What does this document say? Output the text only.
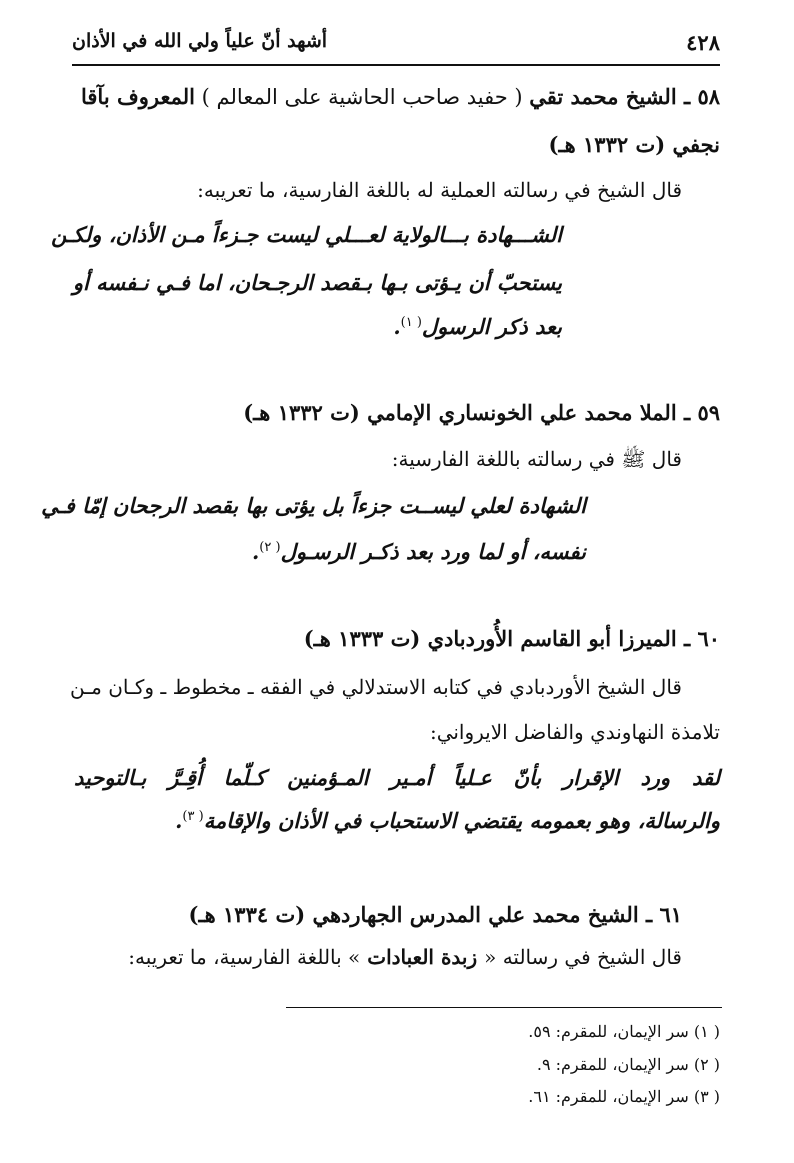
٤٢٨
أشهد أنّ علياً ولي الله في الأذان
٥٨ ـ الشيخ محمد تقي ( حفيد صاحب الحاشية على المعالم ) المعروف بآقا
نجفي (ت ١٣٣٢ هـ)
قال الشيخ في رسالته العملية له باللغة الفارسية، ما تعريبه:
الشـــهادة بـــالولاية لعـــلي ليست جـزءاً مـن الأذان، ولكـن
يستحبّ أن يـؤتى بـها بـقصد الرجـحان، اما فـي نـفسه أو
بعد ذكر الرسول$^{( ١)}$.
٥٩ ـ الملا محمد علي الخونساري الإمامي (ت ١٣٣٢ هـ)
قال ﷺ في رسالته باللغة الفارسية:
الشهادة لعلي ليســت جزءاً بل يؤتى بها بقصد الرجحان إمّا فـي
نفسه، أو لما ورد بعد ذكـر الرسـول$^{( ٢)}$.
٦٠ ـ الميرزا أبو القاسم الأُوردبادي (ت ١٣٣٣ هـ)
قال الشيخ الأوردبادي في كتابه الاستدلالي في الفقه ـ مخطوط ـ وكـان مـن
تلامذة النهاوندي والفاضل الايرواني:
لقد ورد الإقرار بأنّ عـلياً أمـير المـؤمنين كـلّما أُقِـرَّ بـالتوحيد
والرسالة، وهو بعمومه يقتضي الاستحباب في الأذان والإقامة$^{( ٣)}$.
٦١ ـ الشيخ محمد علي المدرس الجهاردهي (ت ١٣٣٤ هـ)
قال الشيخ في رسالته « زبدة العبادات » باللغة الفارسية، ما تعريبه:
( ١) سر الإيمان، للمقرم: ٥٩.
( ٢) سر الإيمان، للمقرم: ٩.
( ٣) سر الإيمان، للمقرم: ٦١.
